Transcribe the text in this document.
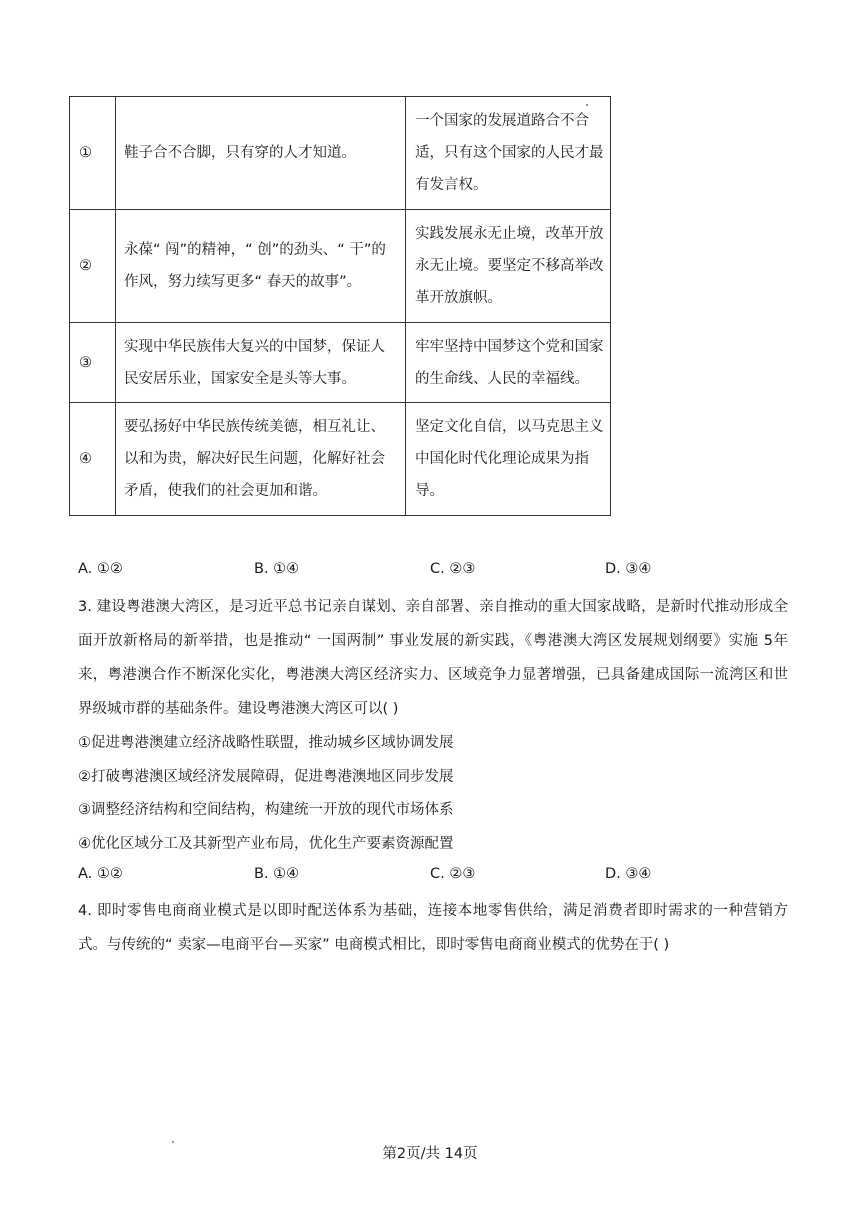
①	鞋子合不合脚，只有穿的人才知道。	一个国家的发展道路合不合适，只有这个国家的人民才最有发言权。
②	永葆“ 闯”的精神，“ 创”的劲头、“ 干”的作风，努力续写更多“ 春天的故事”。	实践发展永无止境，改革开放永无止境。要坚定不移高举改革开放旗帜。
③	实现中华民族伟大复兴的中国梦，保证人民安居乐业，国家安全是头等大事。	牢牢坚持中国梦这个党和国家的生命线、人民的幸福线。
④	要弘扬好中华民族传统美德，相互礼让、以和为贵，解决好民生问题，化解好社会矛盾，使我们的社会更加和谐。	坚定文化自信，以马克思主义中国化时代化理论成果为指导。
A. ①②	B. ①④	C. ②③	D. ③④
3. 建设粤港澳大湾区，是习近平总书记亲自谋划、亲自部署、亲自推动的重大国家战略，是新时代推动形成全面开放新格局的新举措，也是推动“ 一国两制” 事业发展的新实践，《粤港澳大湾区发展规划纲要》实施 5年来，粤港澳合作不断深化实化，粤港澳大湾区经济实力、区域竞争力显著增强，已具备建成国际一流湾区和世界级城市群的基础条件。建设粤港澳大湾区可以( )
①促进粤港澳建立经济战略性联盟，推动城乡区域协调发展
②打破粤港澳区域经济发展障碍，促进粤港澳地区同步发展
③调整经济结构和空间结构，构建统一开放的现代市场体系
④优化区域分工及其新型产业布局，优化生产要素资源配置
A. ①②	B. ①④	C. ②③	D. ③④
4. 即时零售电商商业模式是以即时配送体系为基础，连接本地零售供给，满足消费者即时需求的一种营销方式。与传统的“ 卖家—电商平台—买家” 电商模式相比，即时零售电商商业模式的优势在于( )
第2页/共 14页
